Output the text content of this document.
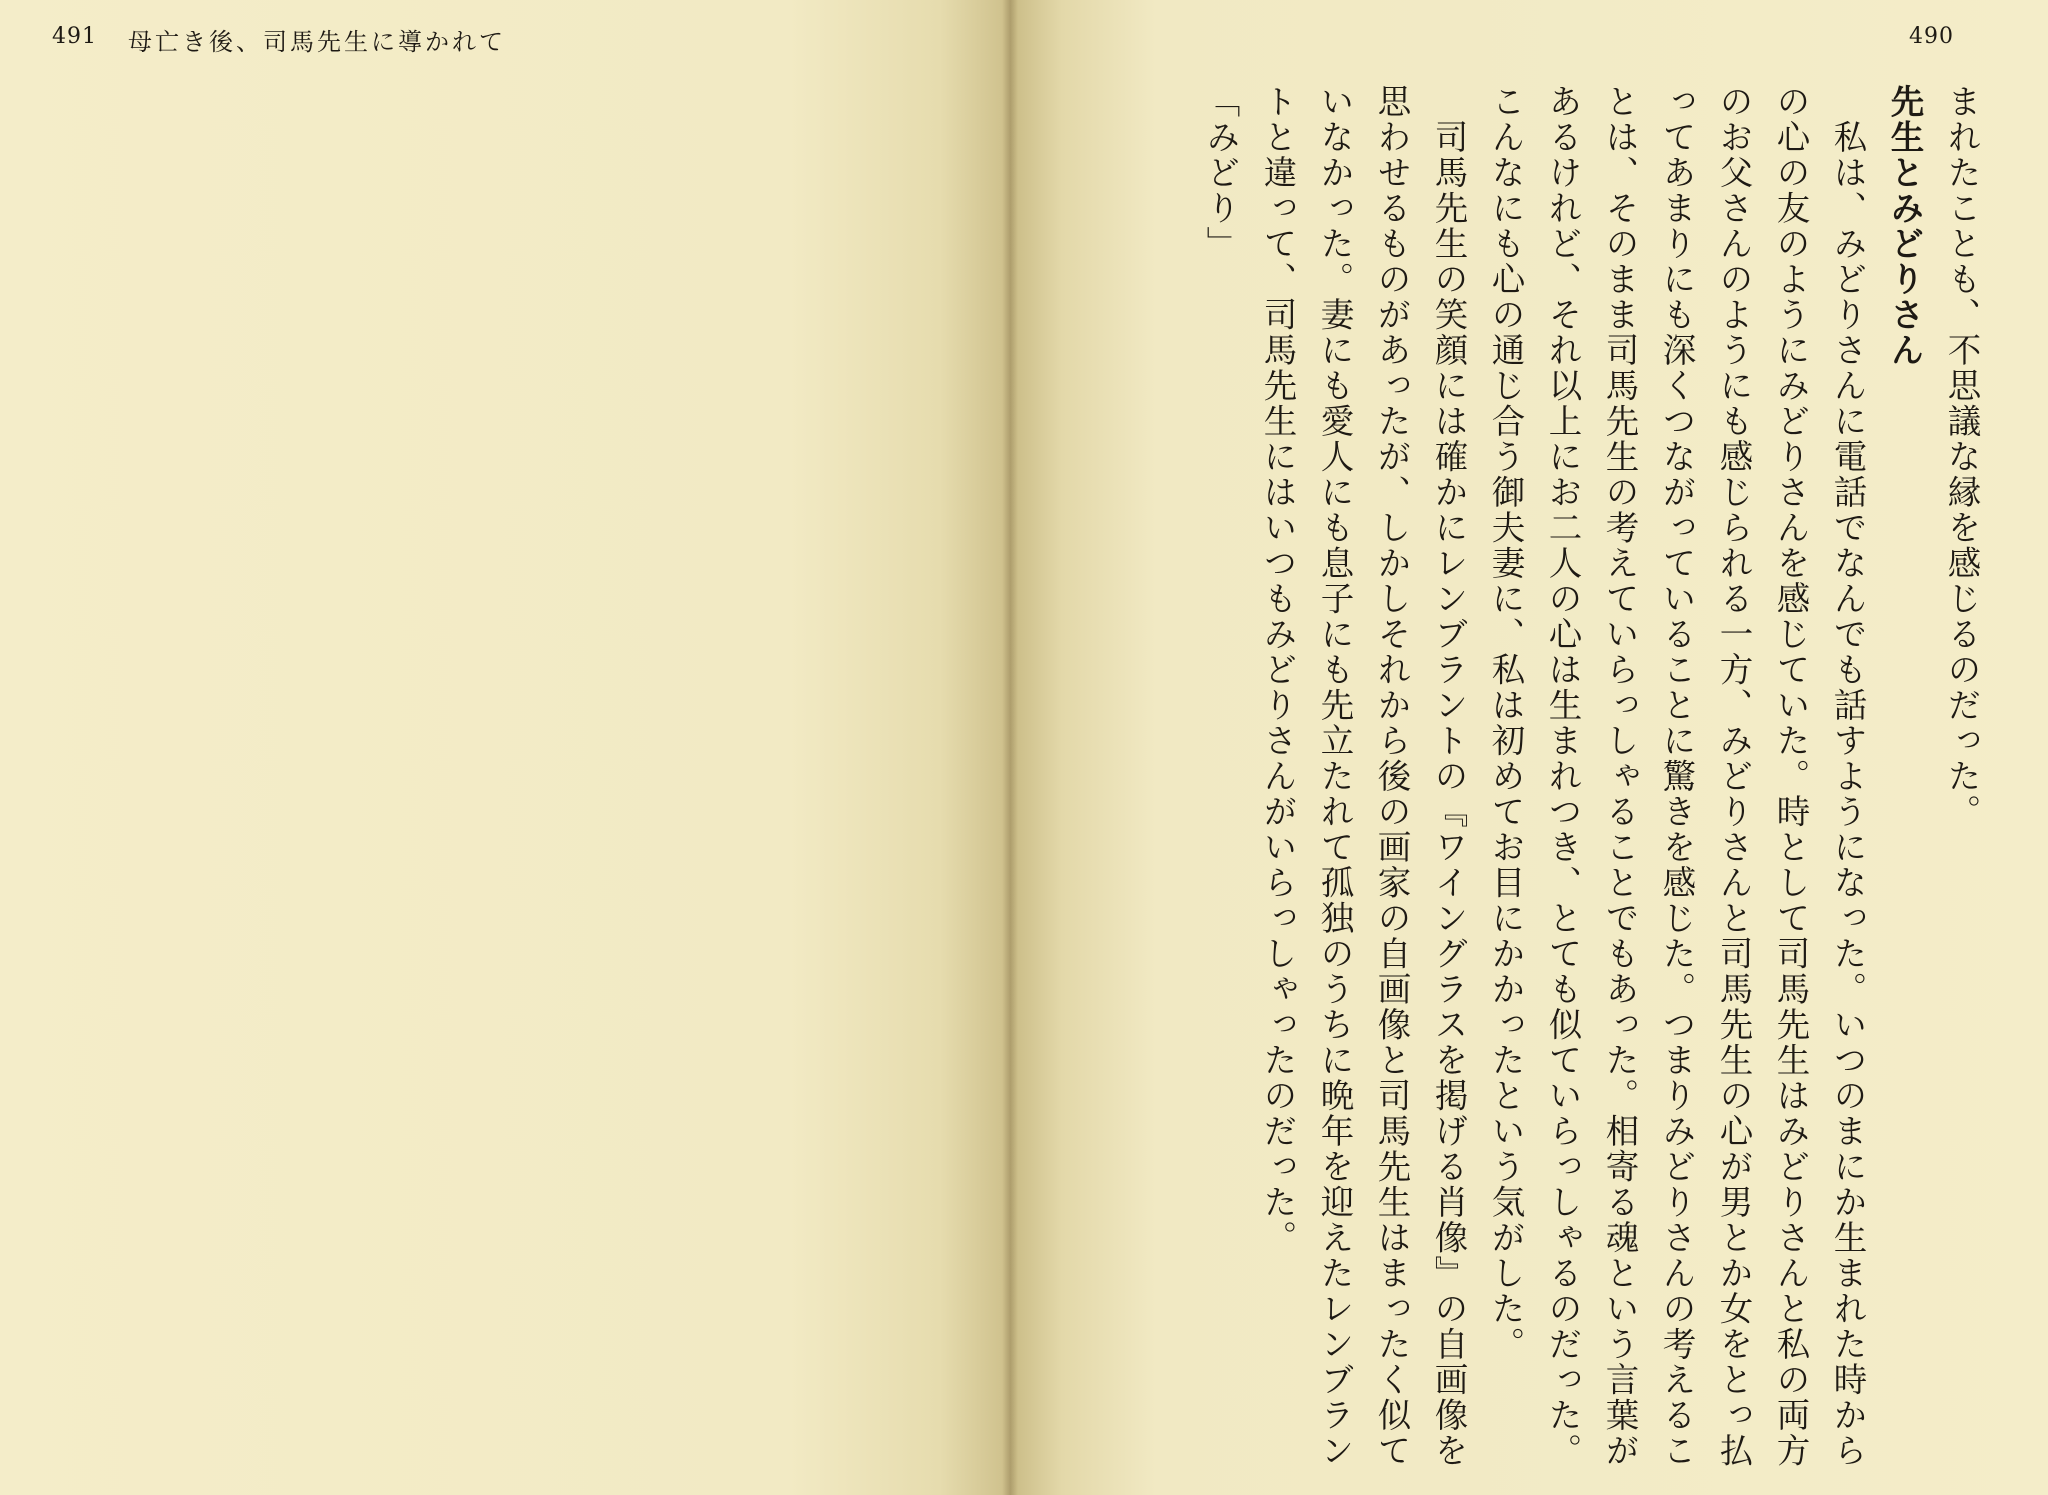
491 母亡き後、司馬先生に導かれて
まれたことも、不思議な縁を感じるのだった。
先生とみどりさん
　私は、みどりさんに電話でなんでも話すようになった。いつのまにか生まれた時から
の心の友のようにみどりさんを感じていた。時として司馬先生はみどりさんと私の両方
のお父さんのようにも感じられる一方、みどりさんと司馬先生の心が男とか女をとっ払
ってあまりにも深くつながっていることに驚きを感じた。つまりみどりさんの考えるこ
とは、そのまま司馬先生の考えていらっしゃることでもあった。相寄る魂という言葉が
あるけれど、それ以上にお二人の心は生まれつき、とても似ていらっしゃるのだった。
こんなにも心の通じ合う御夫妻に、私は初めてお目にかかったという気がした。
　司馬先生の笑顔には確かにレンブラントの『ワイングラスを掲げる肖像』の自画像を
思わせるものがあったが、しかしそれから後の画家の自画像と司馬先生はまったく似て
いなかった。妻にも愛人にも息子にも先立たれて孤独のうちに晩年を迎えたレンブラン
トと違って、司馬先生にはいつもみどりさんがいらっしゃったのだった。
「みどり」
490
